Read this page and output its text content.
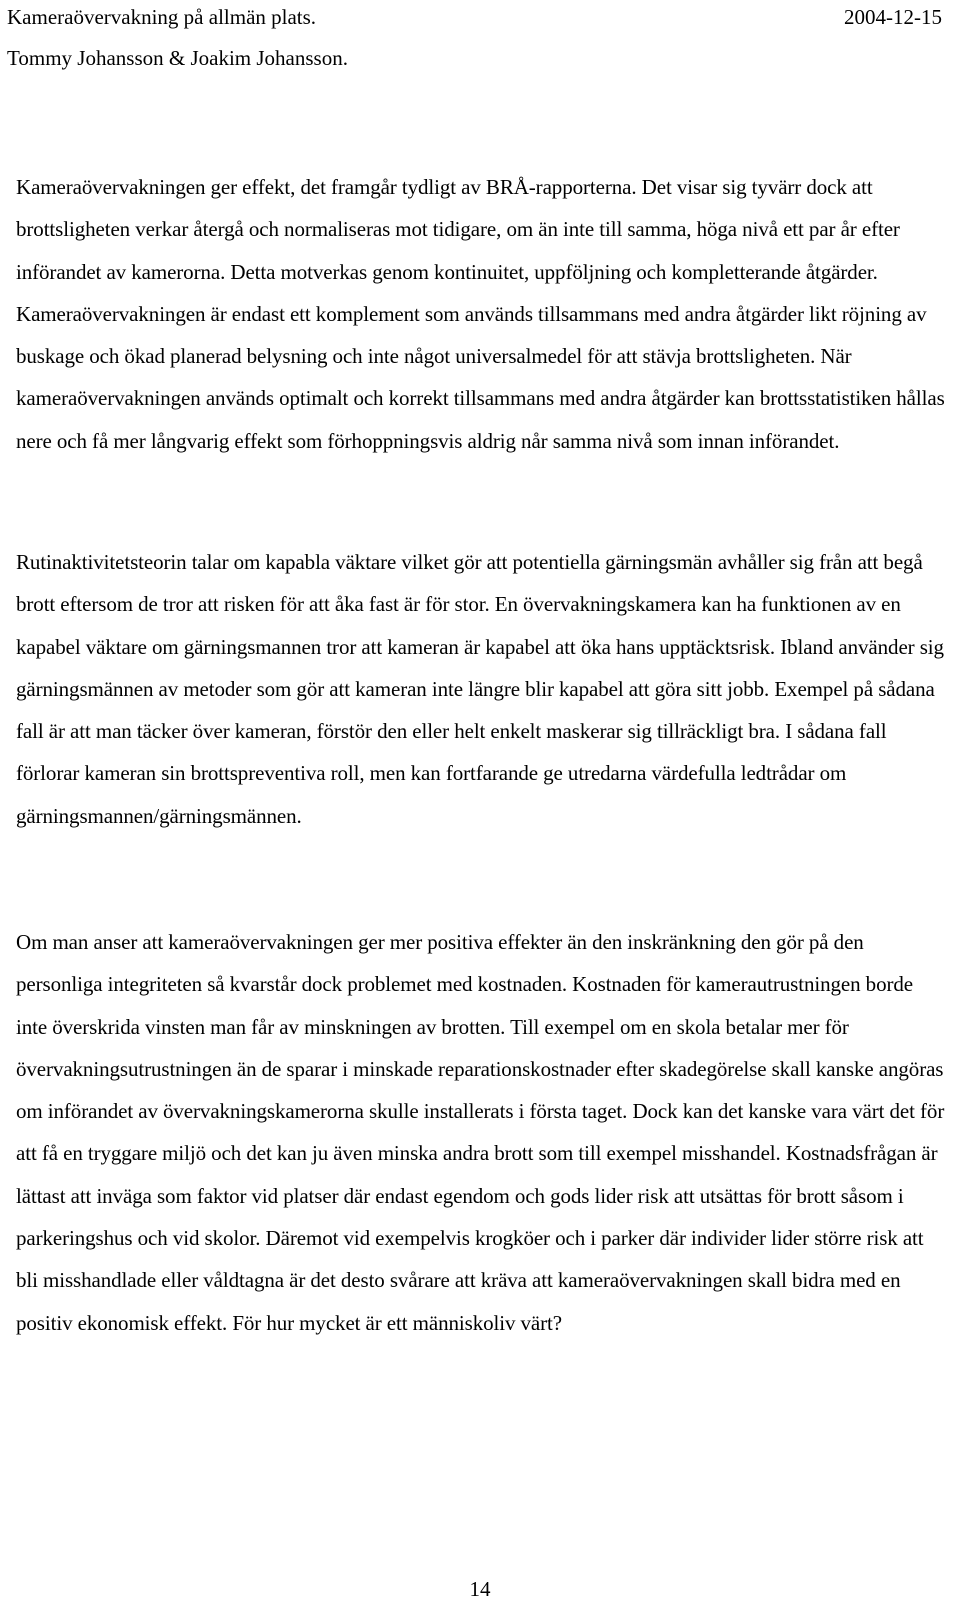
Kameraövervakning på allmän plats.	2004-12-15
Tommy Johansson & Joakim Johansson.

Kameraövervakningen ger effekt, det framgår tydligt av BRÅ-rapporterna. Det visar sig tyvärr dock att brottsligheten verkar återgå och normaliseras mot tidigare, om än inte till samma, höga nivå ett par år efter införandet av kamerorna. Detta motverkas genom kontinuitet, uppföljning och kompletterande åtgärder. Kameraövervakningen är endast ett komplement som används tillsammans med andra åtgärder likt röjning av buskage och ökad planerad belysning och inte något universalmedel för att stävja brottsligheten. När kameraövervakningen används optimalt och korrekt tillsammans med andra åtgärder kan brottsstatistiken hållas nere och få mer långvarig effekt som förhoppningsvis aldrig når samma nivå som innan införandet.

Rutinaktivitetsteorin talar om kapabla väktare vilket gör att potentiella gärningsmän avhåller sig från att begå brott eftersom de tror att risken för att åka fast är för stor. En övervakningskamera kan ha funktionen av en kapabel väktare om gärningsmannen tror att kameran är kapabel att öka hans upptäcktsrisk. Ibland använder sig gärningsmännen av metoder som gör att kameran inte längre blir kapabel att göra sitt jobb. Exempel på sådana fall är att man täcker över kameran, förstör den eller helt enkelt maskerar sig tillräckligt bra. I sådana fall förlorar kameran sin brottspreventiva roll, men kan fortfarande ge utredarna värdefulla ledtrådar om gärningsmannen/gärningsmännen.

Om man anser att kameraövervakningen ger mer positiva effekter än den inskränkning den gör på den personliga integriteten så kvarstår dock problemet med kostnaden. Kostnaden för kamerautrustningen borde inte överskrida vinsten man får av minskningen av brotten. Till exempel om en skola betalar mer för övervakningsutrustningen än de sparar i minskade reparationskostnader efter skadegörelse skall kanske angöras om införandet av övervakningskamerorna skulle installerats i första taget. Dock kan det kanske vara värt det för att få en tryggare miljö och det kan ju även minska andra brott som till exempel misshandel. Kostnadsfrågan är lättast att inväga som faktor vid platser där endast egendom och gods lider risk att utsättas för brott såsom i parkeringshus och vid skolor. Däremot vid exempelvis krogköer och i parker där individer lider större risk att bli misshandlade eller våldtagna är det desto svårare att kräva att kameraövervakningen skall bidra med en positiv ekonomisk effekt. För hur mycket är ett människoliv värt?

14
